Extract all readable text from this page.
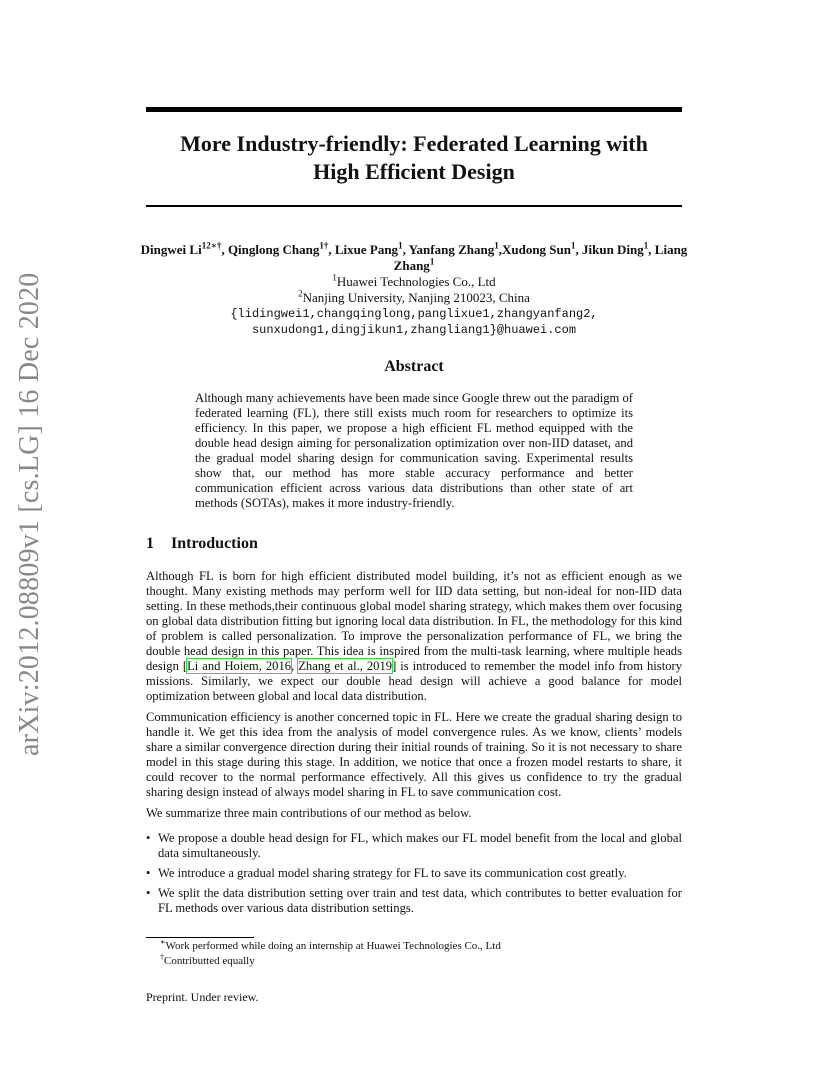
arXiv:2012.08809v1 [cs.LG] 16 Dec 2020
More Industry-friendly: Federated Learning with
High Efficient Design
Dingwei $Li^{12∗\dagger}$, Qinglong Chang$^{1\dagger}$, Lixue Pang$^1$, Yanfang Zhang$^1$,Xudong Sun$^1$, Jikun Ding$^1$, Liang Zhang$^1$
$^1$Huawei Technologies Co., Ltd
$^2$Nanjing University, Nanjing 210023, China
{lidingwei1,changqinglong,panglixue1,zhangyanfang2,
sunxudong1,dingjikun1,zhangliang1}@huawei.com
Abstract
Although many achievements have been made since Google threw out the paradigm of federated learning (FL), there still exists much room for researchers to optimize its efficiency. In this paper, we propose a high efficient FL method equipped with the double head design aiming for personalization optimization over non-IID dataset, and the gradual model sharing design for communication saving. Experimental results show that, our method has more stable accuracy performance and better communication efficient across various data distributions than other state of art methods (SOTAs), makes it more industry-friendly.
1 Introduction

Although FL is born for high efficient distributed model building, it’s not as efficient enough as we thought. Many existing methods may perform well for IID data setting, but non-ideal for non-IID data setting. In these methods,their continuous global model sharing strategy, which makes them over focusing on global data distribution fitting but ignoring local data distribution. In FL, the methodology for this kind of problem is called personalization. To improve the personalization performance of FL, we bring the double head design in this paper. This idea is inspired from the multi-task learning, where multiple heads design [Li and Hoiem, 2016, Zhang et al., 2019] is introduced to remember the model info from history missions. Similarly, we expect our double head design will achieve a good balance for model optimization between global and local data distribution.

Communication efficiency is another concerned topic in FL. Here we create the gradual sharing design to handle it. We get this idea from the analysis of model convergence rules. As we know, clients’ models share a similar convergence direction during their initial rounds of training. So it is not necessary to share model in this stage during this stage. In addition, we notice that once a frozen model restarts to share, it could recover to the normal performance effectively. All this gives us confidence to try the gradual sharing design instead of always model sharing in FL to save communication cost.

We summarize three main contributions of our method as below.

• We propose a double head design for FL, which makes our FL model benefit from the local and global data simultaneously.
• We introduce a gradual model sharing strategy for FL to save its communication cost greatly.
• We split the data distribution setting over train and test data, which contributes to better evaluation for FL methods over various data distribution settings.
∗Work performed while doing an internship at Huawei Technologies Co., Ltd
†Contributted equally
Preprint. Under review.
